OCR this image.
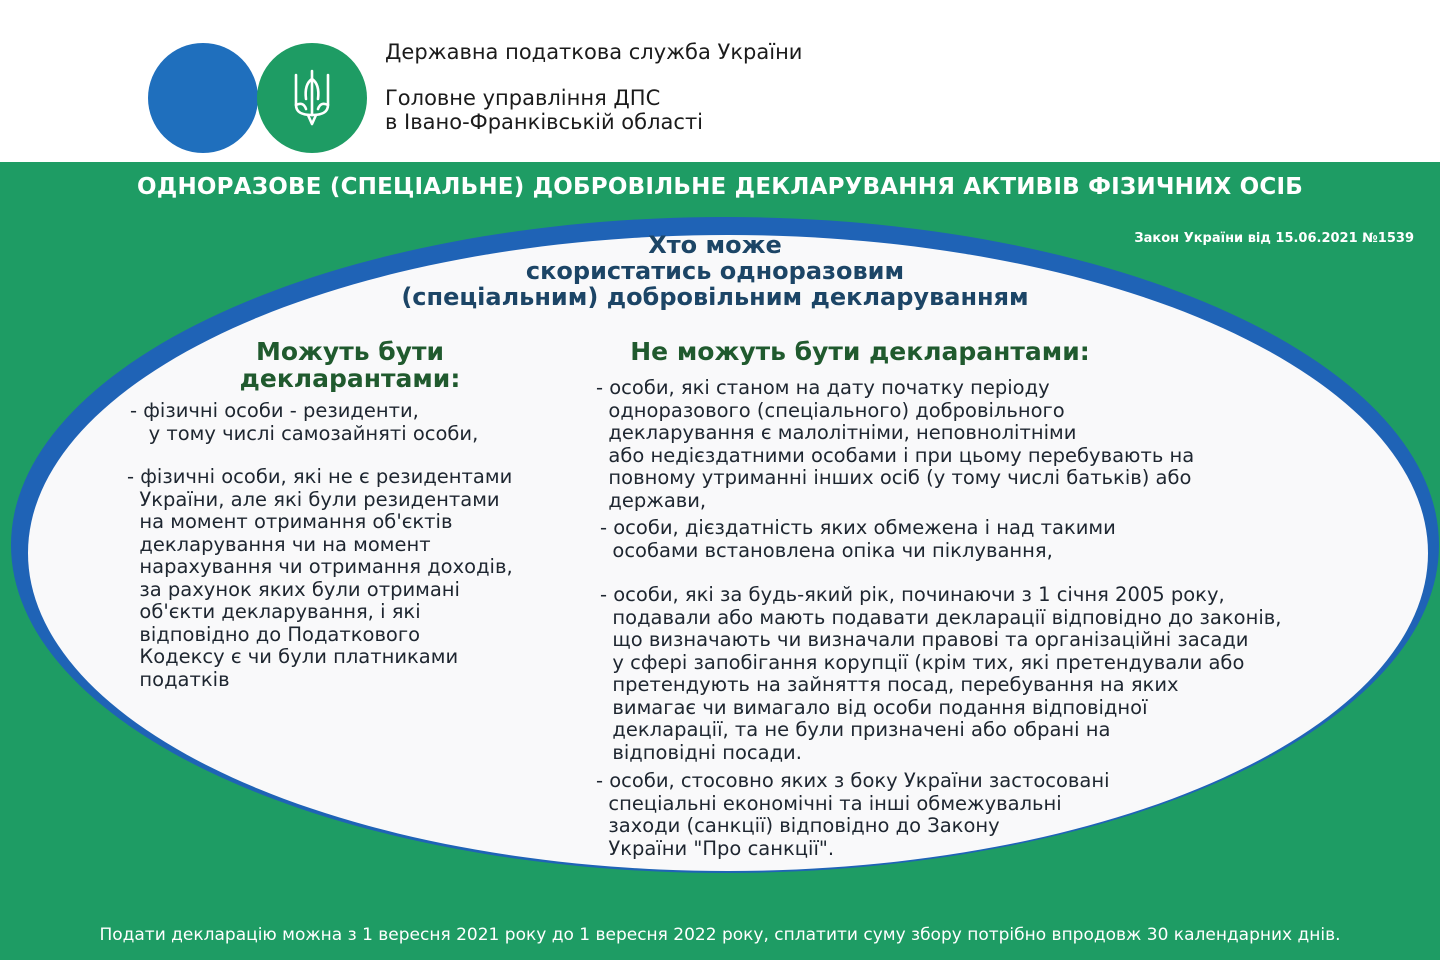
Державна податкова служба України
Головне управління ДПС
в Івано-Франківській області
ОДНОРАЗОВЕ (СПЕЦІАЛЬНЕ) ДОБРОВІЛЬНЕ ДЕКЛАРУВАННЯ АКТИВІВ ФІЗИЧНИХ ОСІБ
Закон України від 15.06.2021 №1539
Хто може
скористатись одноразовим
(спеціальним) добровільним декларуванням
Можуть бути
декларантами:
Не можуть бути декларантами:
- фізичні особи - резиденти,
у тому числі самозайняті особи,
- фізичні особи, які не є резидентами
України, але які були резидентами
на момент отримання об'єктів
декларування чи на момент
нарахування чи отримання доходів,
за рахунок яких були отримані
об'єкти декларування, і які
відповідно до Податкового
Кодексу є чи були платниками
податків
- особи, які станом на дату початку періоду
одноразового (спеціального) добровільного
декларування є малолітніми, неповнолітніми
або недієздатними особами і при цьому перебувають на
повному утриманні інших осіб (у тому числі батьків) або
держави,
- особи, дієздатність яких обмежена і над такими
особами встановлена опіка чи піклування,
- особи, які за будь-який рік, починаючи з 1 січня 2005 року,
подавали або мають подавати декларації відповідно до законів,
що визначають чи визначали правові та організаційні засади
у сфері запобігання корупції (крім тих, які претендували або
претендують на зайняття посад, перебування на яких
вимагає чи вимагало від особи подання відповідної
декларації, та не були призначені або обрані на
відповідні посади.
- особи, стосовно яких з боку України застосовані
спеціальні економічні та інші обмежувальні
заходи (санкції) відповідно до Закону
України "Про санкції".
Подати декларацію можна з 1 вересня 2021 року до 1 вересня 2022 року, сплатити суму збору потрібно впродовж 30 календарних днів.
